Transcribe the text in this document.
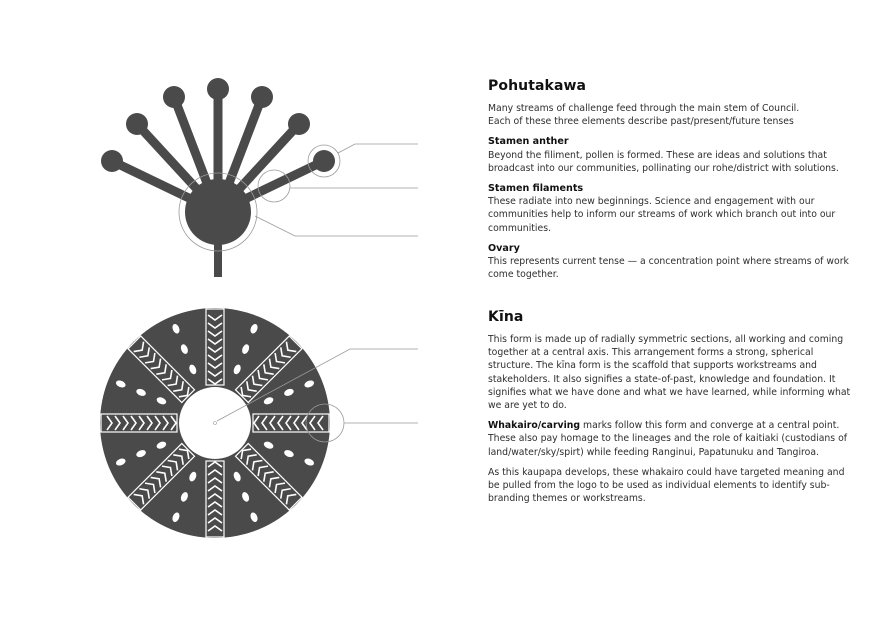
Pohutakawa

Many streams of challenge feed through the main stem of Council.
Each of these three elements describe past/present/future tenses

Stamen anther

Beyond the filiment, pollen is formed. These are ideas and solutions that broadcast into our communities, pollinating our rohe/district with solutions.

Stamen filaments

These radiate into new beginnings. Science and engagement with our communities help to inform our streams of work which branch out into our communities.

Ovary

This represents current tense — a concentration point where streams of work come together.

Kīna

This form is made up of radially symmetric sections, all working and coming together at a central axis. This arrangement forms a strong, spherical structure. The kīna form is the scaffold that supports workstreams and stakeholders. It also signifies a state-of-past, knowledge and foundation. It signifies what we have done and what we have learned, while informing what we are yet to do.

Whakairo/carving marks follow this form and converge at a central point. These also pay homage to the lineages and the role of kaitiaki (custodians of land/water/sky/spirt) while feeding Ranginui, Papatunuku and Tangiroa.

As this kaupapa develops, these whakairo could have targeted meaning and be pulled from the logo to be used as individual elements to identify sub-branding themes or workstreams.
